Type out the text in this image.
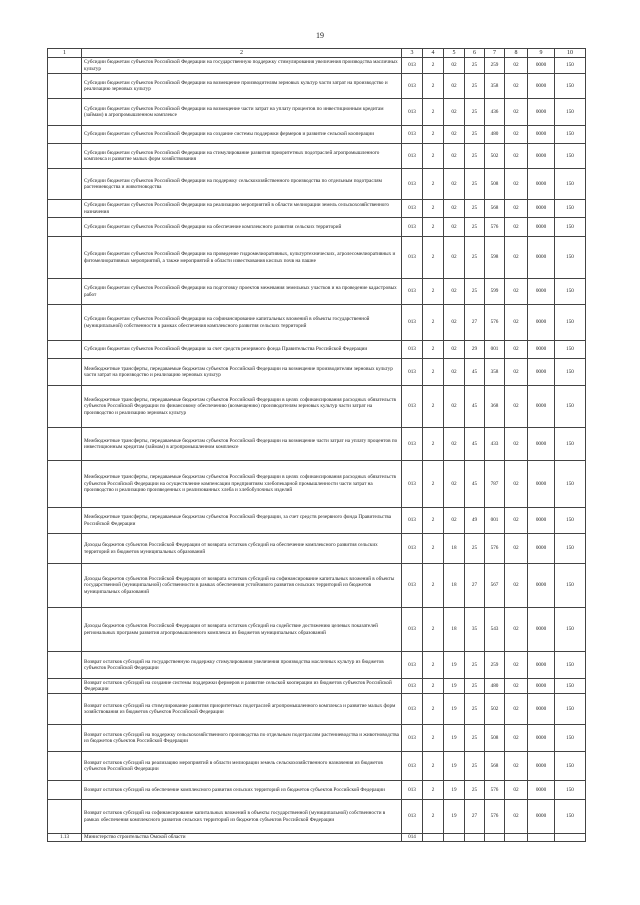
19
1	2	3	4	5	6	7	8	9	10
	Субсидии бюджетам субъектов Российской Федерации на государственную поддержку стимулирования увеличения производства масличных культур	013	2	02	25	259	02	0000	150
	Субсидии бюджетам субъектов Российской Федерации на возмещение производителям зерновых культур части затрат на производство и реализацию зерновых культур	013	2	02	25	358	02	0000	150
	Субсидии бюджетам субъектов Российской Федерации на возмещение части затрат на уплату процентов по инвестиционным кредитам (займам) в агропромышленном комплексе	013	2	02	25	436	02	0000	150
	Субсидии бюджетам субъектов Российской Федерации на создание системы поддержки фермеров и развитие сельской кооперации	013	2	02	25	480	02	0000	150
	Субсидии бюджетам субъектов Российской Федерации на стимулирование развития приоритетных подотраслей агропромышленного комплекса и развитие малых форм хозяйствования	013	2	02	25	502	02	0000	150
	Субсидии бюджетам субъектов Российской Федерации на поддержку сельскохозяйственного производства по отдельным подотраслям растениеводства и животноводства	013	2	02	25	508	02	0000	150
	Субсидии бюджетам субъектов Российской Федерации на реализацию мероприятий в области мелиорации земель сельскохозяйственного назначения	013	2	02	25	568	02	0000	150
	Субсидии бюджетам субъектов Российской Федерации на обеспечение комплексного развития сельских территорий	013	2	02	25	576	02	0000	150
	Субсидии бюджетам субъектов Российской Федерации на проведение гидромелиоративных, культуртехнических, агролесомелиоративных и фитомелиоративных мероприятий, а также мероприятий в области известкования кислых почв на пашне	013	2	02	25	598	02	0000	150
	Субсидии бюджетам субъектов Российской Федерации на подготовку проектов межевания земельных участков и на проведение кадастровых работ	013	2	02	25	599	02	0000	150
	Субсидии бюджетам субъектов Российской Федерации на софинансирование капитальных вложений в объекты государственной (муниципальной) собственности в рамках обеспечения комплексного развития сельских территорий	013	2	02	27	576	02	0000	150
	Субсидии бюджетам субъектов Российской Федерации за счет средств резервного фонда Правительства Российской Федерации	013	2	02	29	001	02	0000	150
	Межбюджетные трансферты, передаваемые бюджетам субъектов Российской Федерации на возмещение производителям зерновых культур части затрат на производство и реализацию зерновых культур	013	2	02	45	358	02	0000	150
	Межбюджетные трансферты, передаваемые бюджетам субъектов Российской Федерации в целях софинансирования расходных обязательств субъектов Российской Федерации по финансовому обеспечению (возмещению) производителям зерновых культур части затрат на производство и реализацию зерновых культур	013	2	02	45	368	02	0000	150
	Межбюджетные трансферты, передаваемые бюджетам субъектов Российской Федерации на возмещение части затрат на уплату процентов по инвестиционным кредитам (займам) в агропромышленном комплексе	013	2	02	45	433	02	0000	150
	Межбюджетные трансферты, передаваемые бюджетам субъектов Российской Федерации в целях софинансирования расходных обязательств субъектов Российской Федерации на осуществление компенсации предприятиям хлебопекарной промышленности части затрат на производство и реализацию произведенных и реализованных хлеба и хлебобулочных изделий	013	2	02	45	787	02	0000	150
	Межбюджетные трансферты, передаваемые бюджетам субъектов Российской Федерации, за счет средств резервного фонда Правительства Российской Федерации	013	2	02	49	001	02	0000	150
	Доходы бюджетов субъектов Российской Федерации от возврата остатков субсидий на обеспечение комплексного развития сельских территорий из бюджетов муниципальных образований	013	2	18	25	576	02	0000	150
	Доходы бюджетов субъектов Российской Федерации от возврата остатков субсидий на софинансирование капитальных вложений в объекты государственной (муниципальной) собственности в рамках обеспечения устойчивого развития сельских территорий из бюджетов муниципальных образований	013	2	18	27	567	02	0000	150
	Доходы бюджетов субъектов Российской Федерации от возврата остатков субсидий на содействие достижению целевых показателей региональных программ развития агропромышленного комплекса из бюджетов муниципальных образований	013	2	18	35	543	02	0000	150
	Возврат остатков субсидий на государственную поддержку стимулирования увеличения производства масличных культур из бюджетов субъектов Российской Федерации	013	2	19	25	259	02	0000	150
	Возврат остатков субсидий на создание системы поддержки фермеров и развитие сельской кооперации из бюджетов субъектов Российской Федерации	013	2	19	25	480	02	0000	150
	Возврат остатков субсидий на стимулирование развития приоритетных подотраслей агропромышленного комплекса и развитие малых форм хозяйствования из бюджетов субъектов Российской Федерации	013	2	19	25	502	02	0000	150
	Возврат остатков субсидий на поддержку сельскохозяйственного производства по отдельным подотраслям растениеводства и животноводства из бюджетов субъектов Российской Федерации	013	2	19	25	508	02	0000	150
	Возврат остатков субсидий на реализацию мероприятий в области мелиорации земель сельскохозяйственного назначения из бюджетов субъектов Российской Федерации	013	2	19	25	568	02	0000	150
	Возврат остатков субсидий на обеспечение комплексного развития сельских территорий из бюджетов субъектов Российской Федерации	013	2	19	25	576	02	0000	150
	Возврат остатков субсидий на софинансирование капитальных вложений в объекты государственной (муниципальной) собственности в рамках обеспечения комплексного развития сельских территорий из бюджетов субъектов Российской Федерации	013	2	19	27	576	02	0000	150
1.13	Министерство строительства Омской области	014							
